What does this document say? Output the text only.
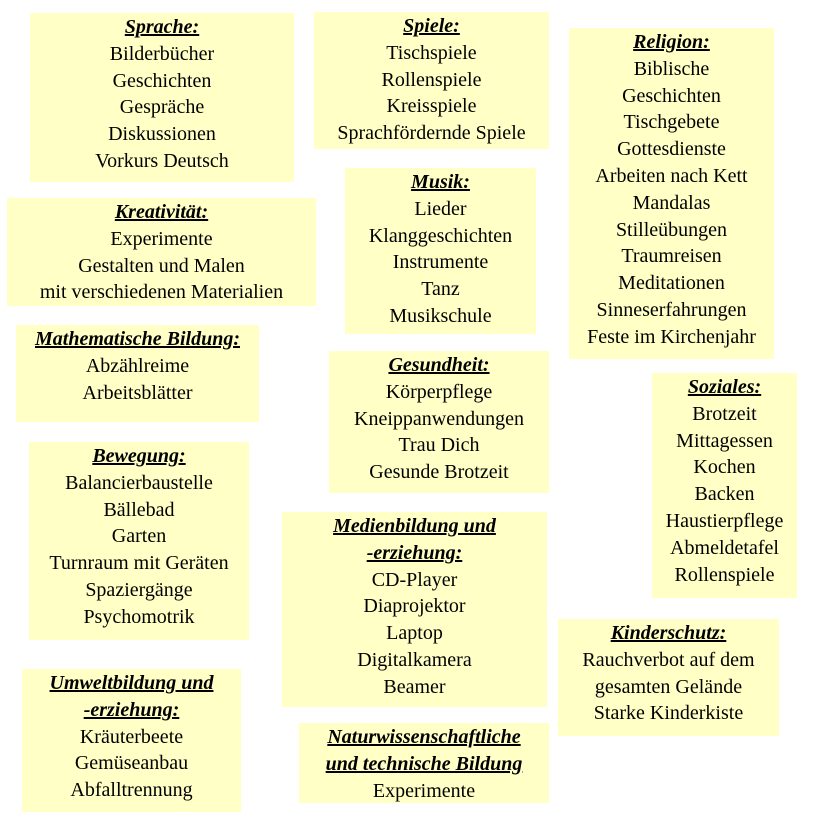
Sprache:
Bilderbücher
Geschichten
Gespräche
Diskussionen
Vorkurs Deutsch
Spiele:
Tischspiele
Rollenspiele
Kreisspiele
Sprachfördernde Spiele
Religion:
Biblische
Geschichten
Tischgebete
Gottesdienste
Arbeiten nach Kett
Mandalas
Stilleübungen
Traumreisen
Meditationen
Sinneserfahrungen
Feste im Kirchenjahr
Kreativität:
Experimente
Gestalten und Malen
mit verschiedenen Materialien
Musik:
Lieder
Klanggeschichten
Instrumente
Tanz
Musikschule
Mathematische Bildung:
Abzählreime
Arbeitsblätter
Gesundheit:
Körperpflege
Kneippanwendungen
Trau Dich
Gesunde Brotzeit
Soziales:
Brotzeit
Mittagessen
Kochen
Backen
Haustierpflege
Abmeldetafel
Rollenspiele
Bewegung:
Balancierbaustelle
Bällebad
Garten
Turnraum mit Geräten
Spaziergänge
Psychomotrik
Medienbildung und
-erziehung:
CD-Player
Diaprojektor
Laptop
Digitalkamera
Beamer
Kinderschutz:
Rauchverbot auf dem
gesamten Gelände
Starke Kinderkiste
Umweltbildung und
-erziehung:
Kräuterbeete
Gemüseanbau
Abfalltrennung
Naturwissenschaftliche
und technische Bildung
Experimente
